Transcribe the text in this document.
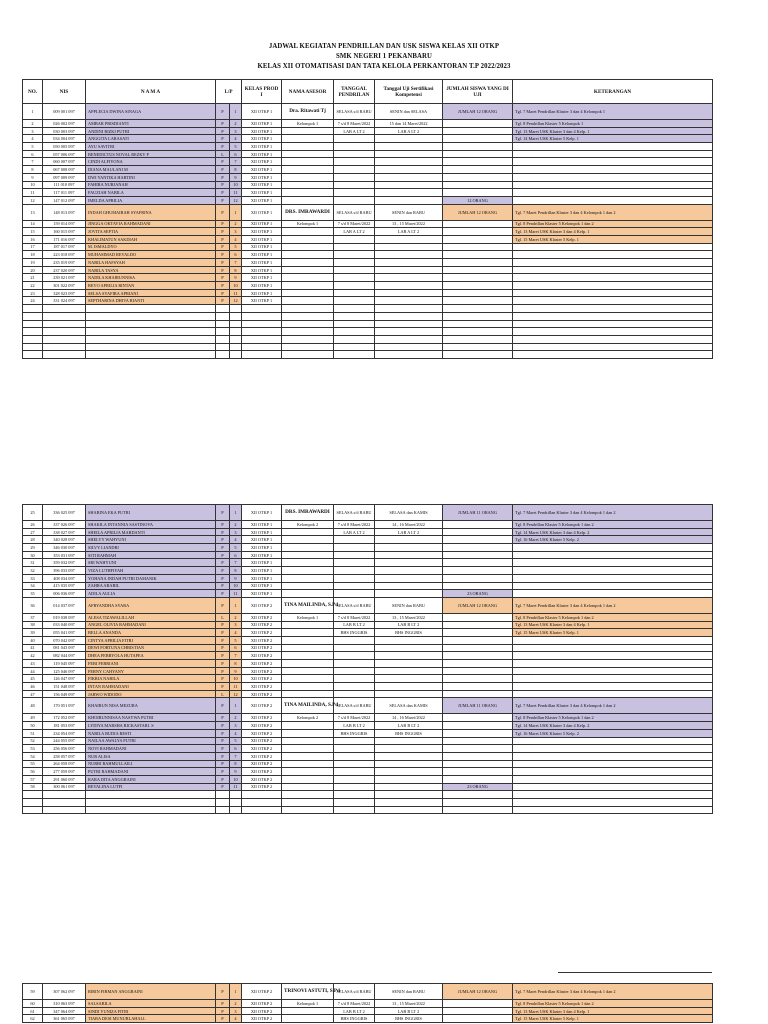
JADWAL KEGIATAN PENDRILLAN DAN USK SISWA KELAS XII OTKP
SMK NEGERI 1 PEKANBARU
KELAS XII OTOMATISASI DAN TATA KELOLA PERKANTORAN T.P 2022/2023
NO.	NIS	N A M A	L/P		KELAS PROD I	NAMA ASESOR	TANGGAL PENDRILAN	Tanggal Uji Sertifikasi Kompetensi	JUMLAH SISWA YANG DI UJI	KETERANGAN
1	009 001 097	APPLECIA DWINA SINAGA	P	1	XII OTKP 1	Dra. Ritawati Tj	SELASA s/d RABU	SENIN dan SELASA	JUMLAH 12 ORANG	Tgl. 7 Maret Pendrillan Klaster 3 dan 4 Kelompok 1
2	026 002 097	AMBAR PRISDIANTI	P	2	XII OTKP 1	Kelompok 1	7 s/d 8 Maret/2022	15 dan 14 Maret/2022		Tgl. 8 Pendrillan Klaster 5 Kelompok 1
3	030 003 097	ANDINI RIZKI PUTRI	P	3	XII OTKP 1		LAB A LT 2	LAB A LT 2		Tgl. 13 Maret USK Klaster 3 dan 4 Kelp. 1
4	034 004 097	ANGGITA LARASATI	P	4	XII OTKP 1					Tgl. 14 Maret USK Klaster 5 Kelp. 1
5	050 005 097	AYU SAVITRI	P	5	XII OTKP 1					
6	057 006 097	BENEDICTUS NOVAL REZKY P	L	6	XII OTKP 1					
7	060 007 097	CINDI ALFIYONA	P	7	XII OTKP 1					
8	067 008 097	DIANA MAULANI M	P	8	XII OTKP 1					
9	097 009 097	DWI YANTIKA HARTINI	P	9	XII OTKP 1					
10	111 010 097	FAHIRA NURJANAH	P	10	XII OTKP 1					
11	117 011 097	FAUZIAH NABILA	P	11	XII OTKP 1					
12	147 012 097	IMELDA APRILIA	P	12	XII OTKP 1				12 ORANG	
13	148 013 097	INDAH GHUMAIRAH SYAFRINA	P	1	XII OTKP 1	DRS. IMRAWARDI	SELASA s/d RABU	SENIN dan RABU	JUMLAH 12 ORANG	Tgl. 7 Maret Pendrillan Klaster 3 dan 4 Kelompok 1 dan 2
14	159 014 097	JINGGA OKTAVIA RAHMADANI	P	2	XII OTKP 1	Kelompok 1	7 s/d 8 Maret/2022	13 , 15 Maret/2022		Tgl. 8 Pendrillan Klaster 5 Kelompok 1 dan 2
15	160 015 097	JOVITA SEPTIA	P	3	XII OTKP 1		LAB A LT 2	LAB A LT 2		Tgl. 13 Maret USK Klaster 3 dan 4 Kelp. 1
16	171 016 097	KHALIMATUN SAKDIAH	P	4	XII OTKP 1					Tgl. 15 Maret USK Klaster 5 Kelp. 1
17	187 017 097	M. ISMALDYO	P	5	XII OTKP 1					
18	223 018 097	MUHAMMAD REVALDO	P	6	XII OTKP 1					
19	235 019 097	NABILA HAFSYAH	P	7	XII OTKP 1					
20	237 020 097	NABILA TASYA	P	8	XII OTKP 1					
21	239 021 097	NADILA KHAIRUNNISA	P	9	XII OTKP 1					
22	301 022 097	REVO APRILIA RINTAN	P	10	XII OTKP 1					
23	328 023 097	SELSA SYAFIRA APRIANI	P	11	XII OTKP 1					
24	331 024 097	SEPTHARINA DHIVA RIANTI	P	12	XII OTKP 1					

25	336 025 097	SHABINA EKA PUTRI	P	1	XII OTKP 1	DRS. IMRAWARDI	SELASA s/d RABU	SELASA dan KAMIS	JUMLAH 11 ORANG	Tgl. 7 Maret Pendrillan Klaster 3 dan 4 Kelompok 1 dan 2
26	337 026 097	SHAKILA INTANNIA SASTINOVA	P	2	XII OTKP 1	Kelompok 2	7 s/d 8 Maret/2022	14 , 16 Maret/2022		Tgl. 8 Pendrillan Klaster 5 Kelompok 1 dan 2
27	338 027 097	SHEILA APRILIA MARDANTI	P	3	XII OTKP 1		LAB A LT 2	LAB A LT 2		Tgl. 14 Maret USK Klaster 3 dan 4 Kelp. 2
28	340 028 097	SHELVY WAHYUNI	P	4	XII OTKP 1					Tgl. 16 Maret USK Klaster 5 Kelp. 2
29	346 030 097	SILVY LIANDRI	P	5	XII OTKP 1					
30	353 031 097	SITI RAHMAH	P	6	XII OTKP 1					
31	359 032 097	SRI WAHYUNI	P	7	XII OTKP 1					
32	396 033 097	VIZA LUTHFIYAH	P	8	XII OTKP 1					
33	408 034 097	YOHANA INDAH PUTRI DAMANIK	P	9	XII OTKP 1					
34	415 035 097	ZAHRA ABABIL	P	10	XII OTKP 1					
35	006 036 097	ADILA AULIA	P	11	XII OTKP 1				23 ORANG	
36	014 037 097	AFRYANDHA SYARA	P	1	XII OTKP 2	TINA MAILINDA, S.Pd	SELASA s/d RABU	SENIN dan RABU	JUMLAH 12 ORANG	Tgl. 7 Maret Pendrillan Klaster 3 dan 4 Kelompok 1 dan 2
37	019 038 097	ALESA TIZAWALILLAH	L	2	XII OTKP 2	Kelompok 1	7 s/d 8 Maret/2022	13 , 15 Maret/2022		Tgl. 8 Pendrillan Klaster 5 Kelompok 1 dan 2
38	033 040 097	ANGEL OLIVIA RAHMADANI	P	3	XII OTKP 2		LAB B LT 2	LAB B LT 2		Tgl. 13 Maret USK Klaster 3 dan 4 Kelp. 1
39	055 041 097	BELLA ANANDA	P	4	XII OTKP 2		BHS INGGRIS	BHS INGGRIS		Tgl. 15 Maret USK Klaster 5 Kelp. 1
40	070 042 097	CINTYA APRILIA FITRI	P	5	XII OTKP 2					
41	081 043 097	DEWI FORTUNA CHRISTIAN	P	6	XII OTKP 2					
42	082 044 097	DHEA FEBRYOLA HUTAPEA	P	7	XII OTKP 2					
43	119 045 097	FEBI FEBRIANI	P	8	XII OTKP 2					
44	125 046 097	FERNY CAHYANY	P	9	XII OTKP 2					
45	126 047 097	FIKRIA NABILA	P	10	XII OTKP 2					
46	151 048 097	INTAN RAHMADANI	P	11	XII OTKP 2					
47	156 049 097	JARWO WIDODO	L	12	XII OTKP 2					
48	170 051 097	KHAIRUN NISA MEZURA	P	1	XII OTKP 2	TINA MAILINDA, S.Pd	SELASA s/d RABU	SELASA dan KAMIS	JUMLAH 11 ORANG	Tgl. 7 Maret Pendrillan Klaster 3 dan 4 Kelompok 1 dan 2
49	172 052 097	KHOIRUNNISAA NASYWA PUTRI	P	2	XII OTKP 2	Kelompok 2	7 s/d 8 Maret/2022	14 , 16 Maret/2022		Tgl. 8 Pendrillan Klaster 5 Kelompok 1 dan 2
50	181 053 097	LYDIYA MARSHA RICKASTARI. S	P	3	XII OTKP 2		LAB B LT 2	LAB B LT 2		Tgl. 14 Maret USK Klaster 3 dan 4 Kelp. 2
51	234 054 097	NABILA BUDIA RESTI	P	4	XII OTKP 2		BHS INGGRIS	BHS INGGRIS		Tgl. 16 Maret USK Klaster 5 Kelp. 2
52	244 055 097	NAILAA AWALYA PUTRI	P	5	XII OTKP 2					
53	256 056 097	NOVI RAHMADANI	P	6	XII OTKP 2					
54	258 057 097	NUR ALISA	P	7	XII OTKP 2					
55	264 058 097	NURRI RAHMULLAILI	P	8	XII OTKP 2					
56	277 059 097	PUTRI RAHMADANI	P	9	XII OTKP 2					
57	291 060 097	RARA DITA ANGGRAINI	P	10	XII OTKP 2					
58	300 061 097	REVALINA LUTFI	P	11	XII OTKP 2				23 ORANG	

59	307 062 097	RIRIN FIRMAN ANGGRAINI	P	1	XII OTKP 2	TRINOVI ASTUTI, S.Pd	SELASA s/d RABU	SENIN dan RABU	JUMLAH 12 ORANG	Tgl. 7 Maret Pendrillan Klaster 3 dan 4 Kelompok 1 dan 2
60	310 063 097	SALSABILA	P	2	XII OTKP 2	Kelompok 1	7 s/d 8 Maret/2022	13 , 15 Maret/2022		Tgl. 8 Pendrillan Klaster 5 Kelompok 1 dan 2
61	347 064 097	SINDI YUNIZA FITRI	P	3	XII OTKP 2		LAB B LT 2	LAB B LT 2		Tgl. 13 Maret USK Klaster 3 dan 4 Kelp. 1
62	361 065 097	TIARA DESI MUNURLAHALL	P	4	XII OTKP 2		BHS INGGRIS	BHS INGGRIS		Tgl. 15 Maret USK Klaster 5 Kelp. 1
